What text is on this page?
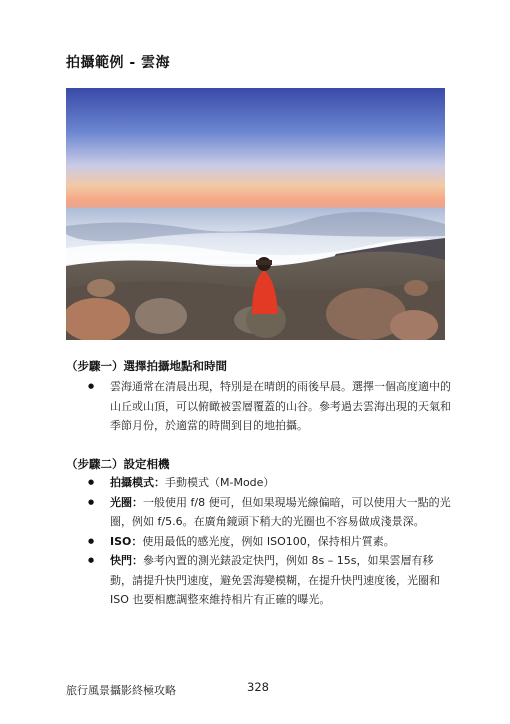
拍攝範例 - 雲海
（步驟一）選擇拍攝地點和時間
● 雲海通常在清晨出現，特別是在晴朗的雨後早晨。選擇一個高度適中的山丘或山頂，可以俯瞰被雲層覆蓋的山谷。參考過去雲海出現的天氣和季節月份，於適當的時間到目的地拍攝。
（步驟二）設定相機
● 拍攝模式：手動模式（M-Mode）
● 光圈：一般使用 f/8 便可，但如果現場光線偏暗，可以使用大一點的光圈，例如 f/5.6。在廣角鏡頭下稍大的光圈也不容易做成淺景深。
● ISO：使用最低的感光度，例如 ISO100，保持相片質素。
● 快門：參考內置的測光錶設定快門，例如 8s – 15s，如果雲層有移動，請提升快門速度，避免雲海變模糊，在提升快門速度後，光圈和 ISO 也要相應調整來維持相片有正確的曝光。
旅行風景攝影終極攻略	328
